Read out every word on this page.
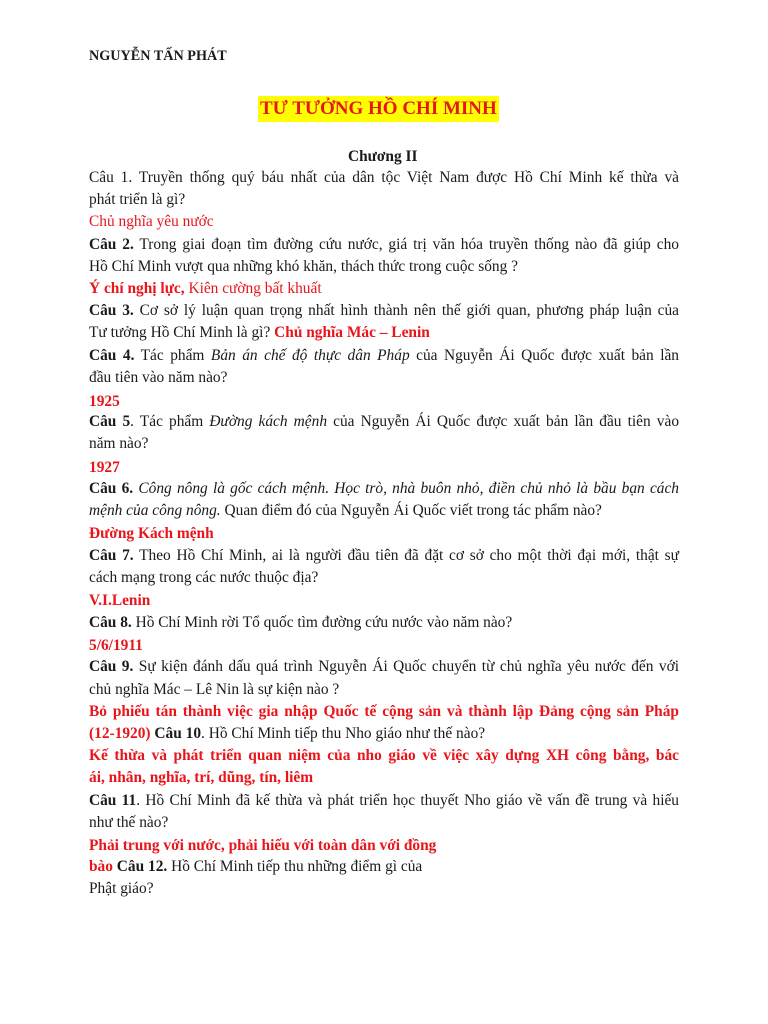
NGUYỄN TẤN PHÁT
TƯ TƯỞNG HỒ CHÍ MINH
Chương II
Câu 1. Truyền thống quý báu nhất của dân tộc Việt Nam được Hồ Chí Minh kế thừa và
phát triển là gì?
Chủ nghĩa yêu nước
Câu 2. Trong giai đoạn tìm đường cứu nước, giá trị văn hóa truyền thống nào đã giúp cho
Hồ Chí Minh vượt qua những khó khăn, thách thức trong cuộc sống ?
Ý chí nghị lực, Kiên cường bất khuất
Câu 3. Cơ sở lý luận quan trọng nhất hình thành nên thế giới quan, phương pháp luận của
Tư tưởng Hồ Chí Minh là gì? Chủ nghĩa Mác – Lenin
Câu 4. Tác phẩm Bản án chế độ thực dân Pháp của Nguyễn Ái Quốc được xuất bản lần
đầu tiên vào năm nào?
1925
Câu 5. Tác phẩm Đường kách mệnh của Nguyễn Ái Quốc được xuất bản lần đầu tiên vào
năm nào?
1927
Câu 6. Công nông là gốc cách mệnh. Học trò, nhà buôn nhỏ, điền chủ nhỏ là bầu bạn cách
mệnh của công nông. Quan điểm đó của Nguyễn Ái Quốc viết trong tác phẩm nào?
Đường Kách mệnh
Câu 7. Theo Hồ Chí Minh, ai là người đầu tiên đã đặt cơ sở cho một thời đại mới, thật sự
cách mạng trong các nước thuộc địa?
V.I.Lenin
Câu 8. Hồ Chí Minh rời Tổ quốc tìm đường cứu nước vào năm nào?
5/6/1911
Câu 9. Sự kiện đánh dấu quá trình Nguyễn Ái Quốc chuyển từ chủ nghĩa yêu nước đến với
chủ nghĩa Mác – Lê Nin là sự kiện nào ?
Bỏ phiếu tán thành việc gia nhập Quốc tế cộng sản và thành lập Đảng cộng sản Pháp
(12-1920) Câu 10. Hồ Chí Minh tiếp thu Nho giáo như thế nào?
Kế thừa và phát triển quan niệm của nho giáo về việc xây dựng XH công bằng, bác
ái, nhân, nghĩa, trí, dũng, tín, liêm
Câu 11. Hồ Chí Minh đã kế thừa và phát triển học thuyết Nho giáo về vấn đề trung và hiếu
như thế nào?
Phải trung với nước, phải hiếu với toàn dân với đồng
bào Câu 12. Hồ Chí Minh tiếp thu những điểm gì của
Phật giáo?
